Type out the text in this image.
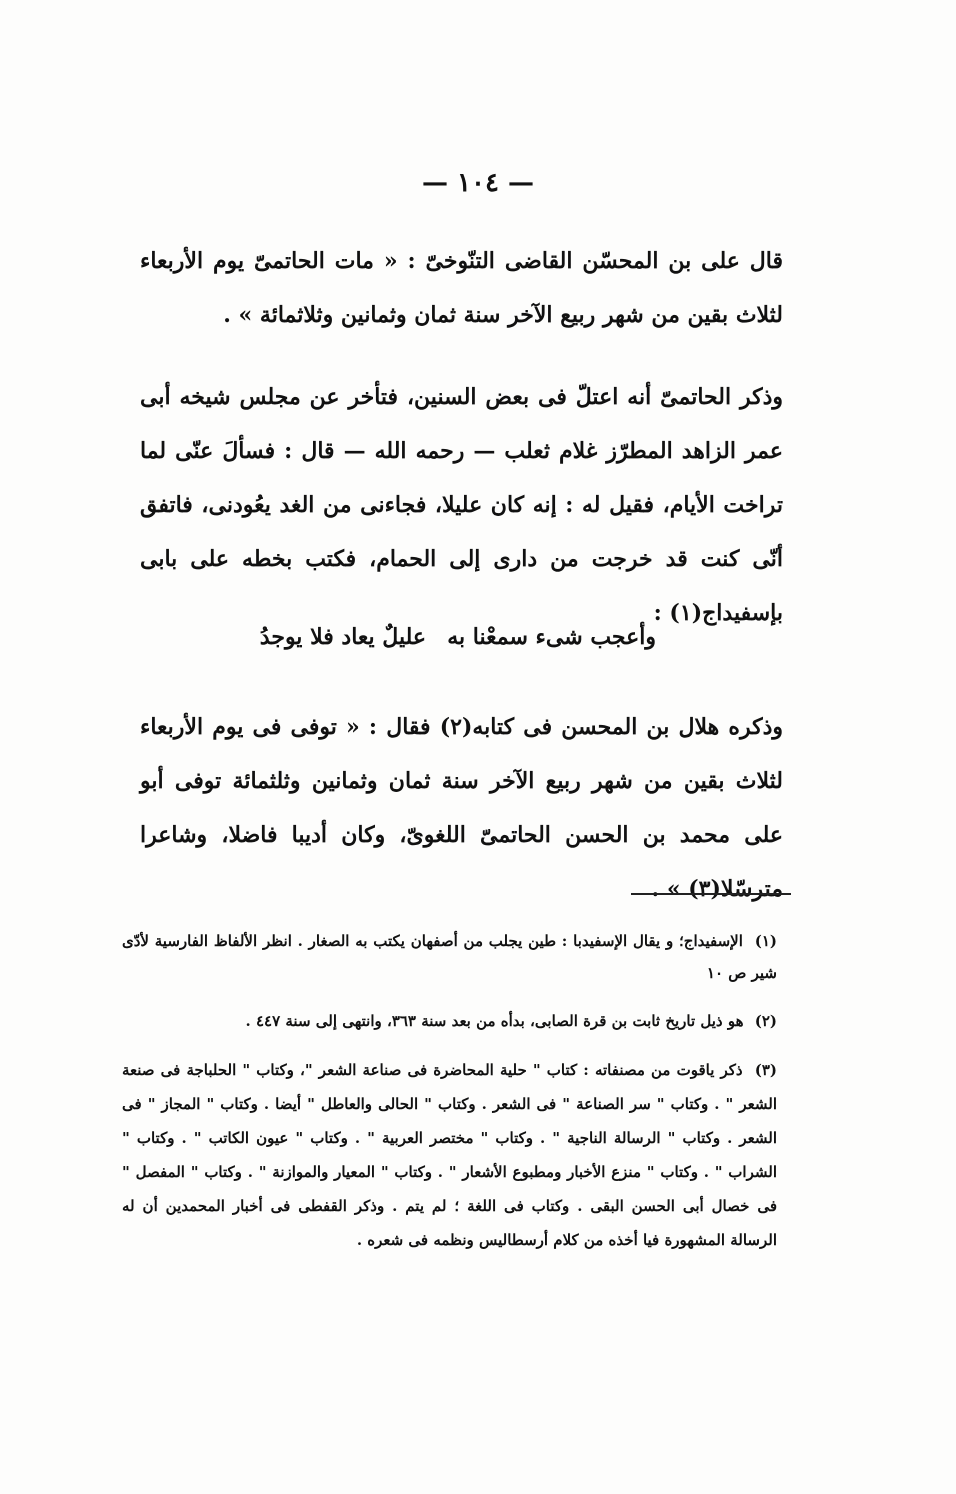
— ١٠٤ —

قال على بن المحسّن القاضى التنّوخىّ : « مات الحاتمىّ يوم الأربعاء لثلاث بقين من شهر ربيع الآخر سنة ثمان وثمانين وثلاثمائة » .

وذكر الحاتمىّ أنه اعتلّ فى بعض السنين، فتأخر عن مجلس شيخه أبى عمر الزاهد المطرّز غلام ثعلب — رحمه الله — قال : فسألَ عنّى لما تراخت الأيام، فقيل له : إنه كان عليلا، فجاءنى من الغد يعُودنى، فاتفق أنّى كنت قد خرجت من دارى إلى الحمام، فكتب بخطه على بابى بإسفيداج(١) :

وأعجب شىء سمعْنا به
عليلٌ يعاد فلا يوجدُ

وذكره هلال بن المحسن فى كتابه(٢) فقال : « توفى فى يوم الأربعاء لثلاث بقين من شهر ربيع الآخر سنة ثمان وثمانين وثلثمائة توفى أبو على محمد بن الحسن الحاتمىّ اللغوىّ، وكان أديبا فاضلا، وشاعرا مترسّلا(٣) » .

(١) الإسفيداج؛ و يقال الإسفيدبا : طين يجلب من أصفهان يكتب به الصغار . انظر الألفاظ الفارسية لأدّى شير ص ١٠

(٢) هو ذيل تاريخ ثابت بن قرة الصابى، بدأه من بعد سنة ٣٦٣، وانتهى إلى سنة ٤٤٧ .

(٣) ذكر ياقوت من مصنفاته : كتاب " حلية المحاضرة فى صناعة الشعر "، وكتاب " الحلباجة فى صنعة الشعر " . وكتاب " سر الصناعة " فى الشعر . وكتاب " الحالى والعاطل " أيضا . وكتاب " المجاز " فى الشعر . وكتاب " الرسالة الناجية " . وكتاب " مختصر العربية " . وكتاب " عيون الكاتب " . وكتاب " الشراب " . وكتاب " منزع الأخبار ومطبوع الأشعار " . وكتاب " المعيار والموازنة " . وكتاب " المفصل " فى خصال أبى الحسن البقى . وكتاب فى اللغة ؛ لم يتم . وذكر القفطى فى أخبار المحمدين أن له الرسالة المشهورة فيا أخذه من كلام أرسطاليس ونظمه فى شعره .
